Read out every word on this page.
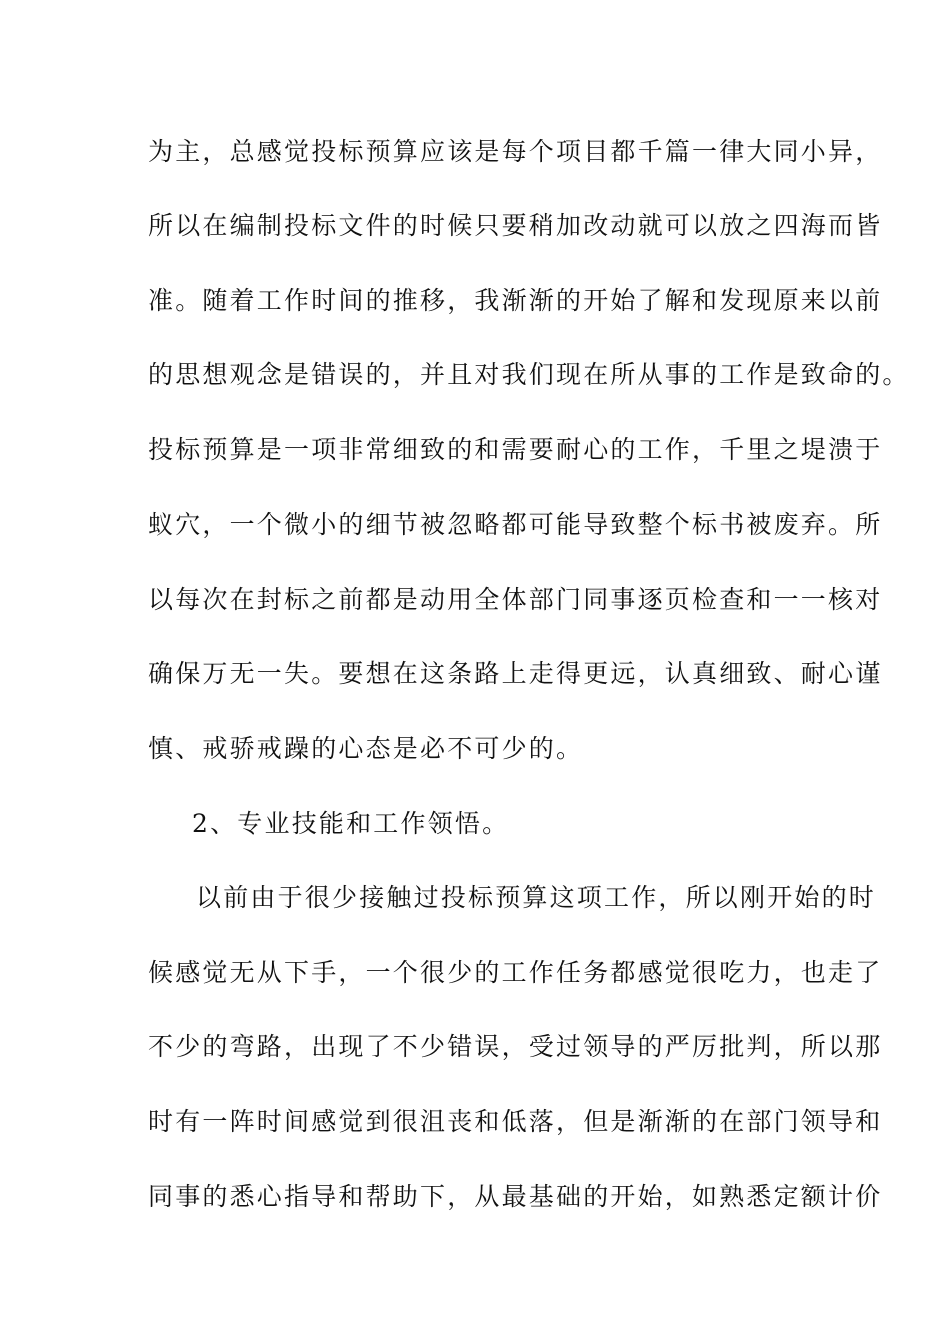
为主，总感觉投标预算应该是每个项目都千篇一律大同小异，
所以在编制投标文件的时候只要稍加改动就可以放之四海而皆
准。随着工作时间的推移，我渐渐的开始了解和发现原来以前
的思想观念是错误的，并且对我们现在所从事的工作是致命的。
投标预算是一项非常细致的和需要耐心的工作，千里之堤溃于
蚁穴，一个微小的细节被忽略都可能导致整个标书被废弃。所
以每次在封标之前都是动用全体部门同事逐页检查和一一核对
确保万无一失。要想在这条路上走得更远，认真细致、耐心谨
慎、戒骄戒躁的心态是必不可少的。
2、专业技能和工作领悟。
以前由于很少接触过投标预算这项工作，所以刚开始的时
候感觉无从下手，一个很少的工作任务都感觉很吃力，也走了
不少的弯路，出现了不少错误，受过领导的严厉批判，所以那
时有一阵时间感觉到很沮丧和低落，但是渐渐的在部门领导和
同事的悉心指导和帮助下，从最基础的开始，如熟悉定额计价
